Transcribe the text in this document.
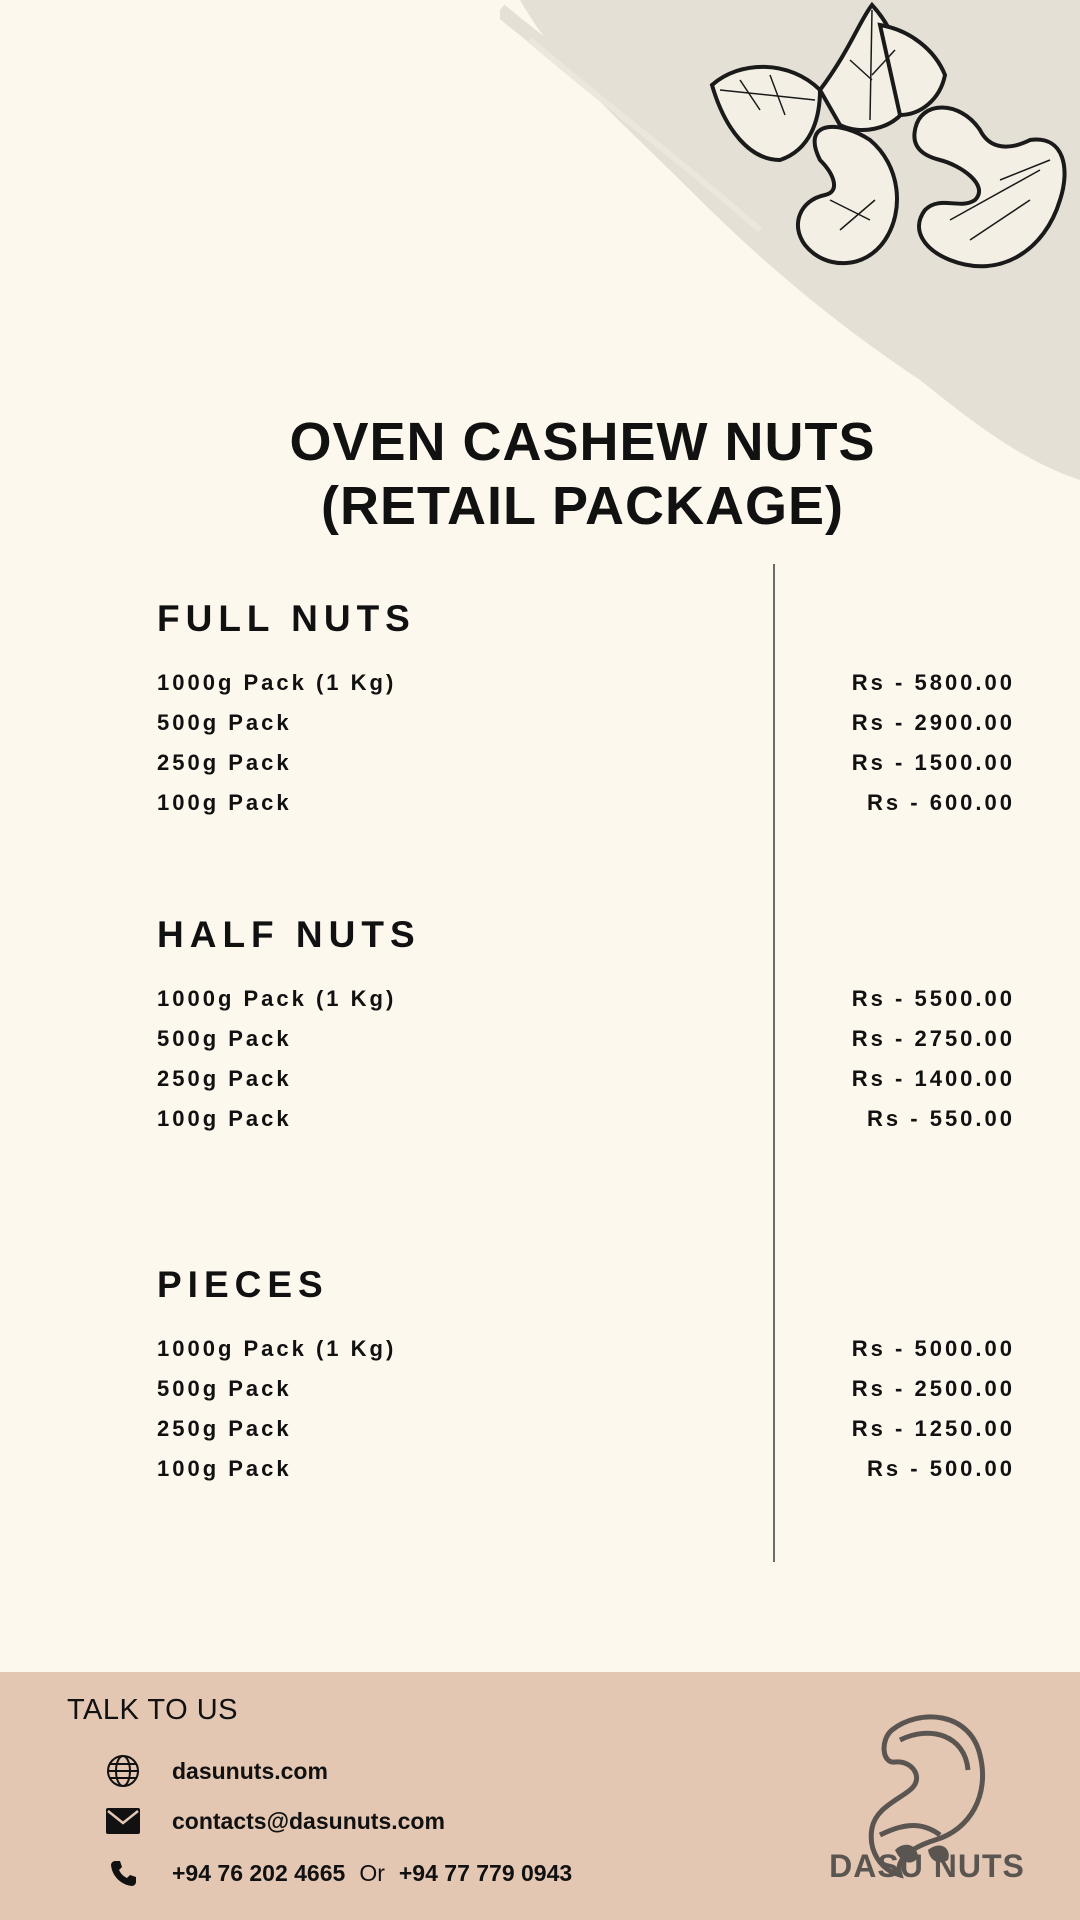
OVEN CASHEW NUTS
(RETAIL PACKAGE)
FULL NUTS
1000g Pack (1 Kg)	Rs - 5800.00
500g Pack	Rs - 2900.00
250g Pack	Rs - 1500.00
100g Pack	Rs - 600.00
HALF NUTS
1000g Pack (1 Kg)	Rs - 5500.00
500g Pack	Rs - 2750.00
250g Pack	Rs - 1400.00
100g Pack	Rs - 550.00
PIECES
1000g Pack (1 Kg)	Rs - 5000.00
500g Pack	Rs - 2500.00
250g Pack	Rs - 1250.00
100g Pack	Rs - 500.00
TALK TO US
dasunuts.com
contacts@dasunuts.com
+94 76 202 4665 Or +94 77 779 0943	DASU NUTS
